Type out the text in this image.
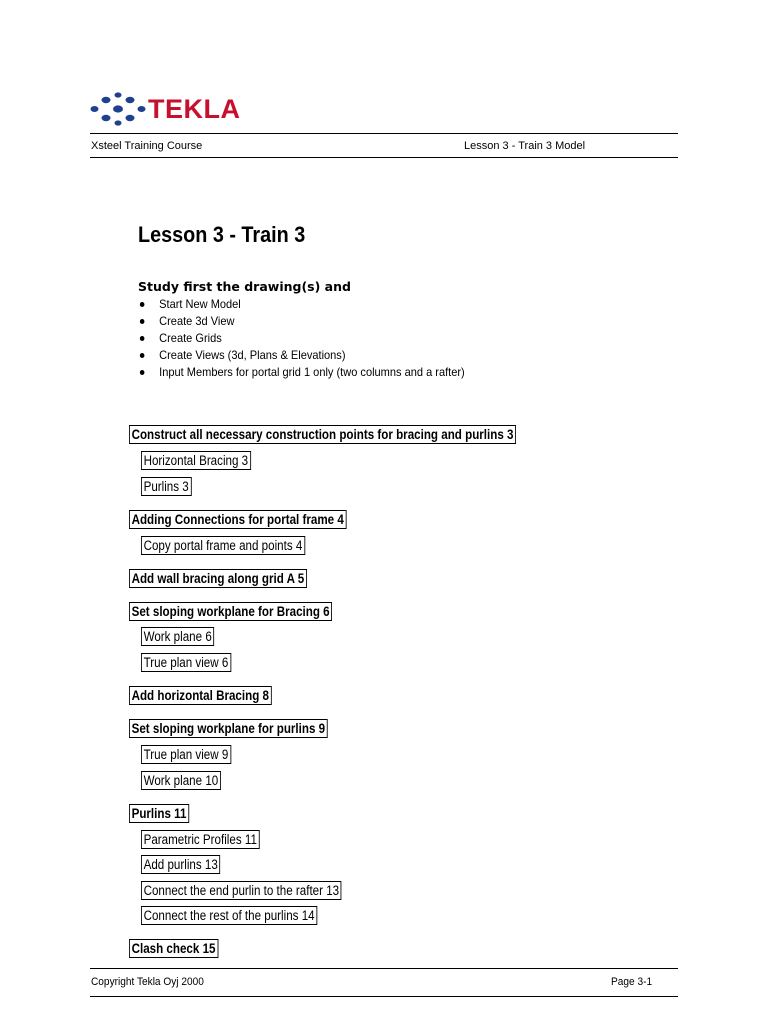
TEKLA
Xsteel Training Course	Lesson 3 - Train 3 Model
Lesson 3 - Train 3
Study first the drawing(s) and
Start New Model
Create 3d View
Create Grids
Create Views (3d, Plans & Elevations)
Input Members for portal grid 1 only (two columns and a rafter)
Construct all necessary construction points for bracing and purlins 3
Horizontal Bracing 3
Purlins 3
Adding Connections for portal frame 4
Copy portal frame and points 4
Add wall bracing along grid A 5
Set sloping workplane for Bracing 6
Work plane 6
True plan view 6
Add horizontal Bracing 8
Set sloping workplane for purlins 9
True plan view 9
Work plane 10
Purlins 11
Parametric Profiles 11
Add purlins 13
Connect the end purlin to the rafter 13
Connect the rest of the purlins 14
Clash check 15
Copyright Tekla Oyj 2000	Page 3-1
